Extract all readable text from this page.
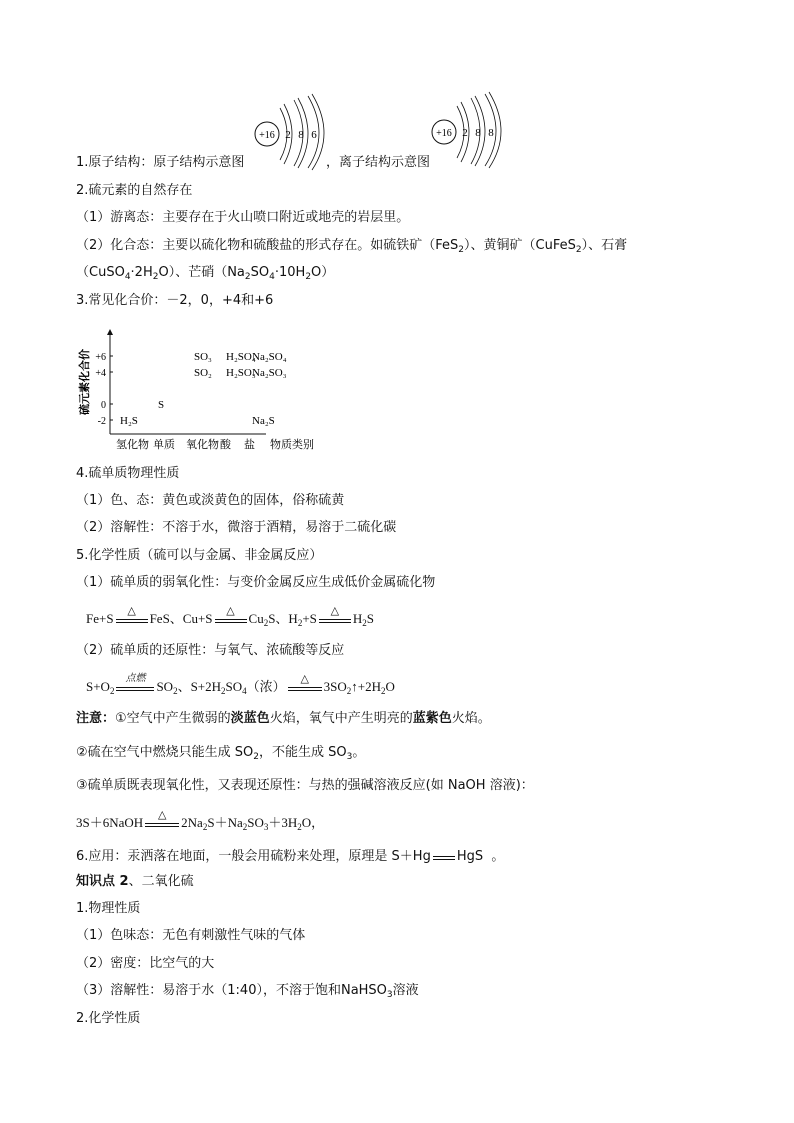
+16 2 8 6	+16 2 8 8
1.原子结构：原子结构示意图	，离子结构示意图
2.硫元素的自然存在
（1）游离态：主要存在于火山喷口附近或地壳的岩层里。
（2）化合态：主要以硫化物和硫酸盐的形式存在。如硫铁矿（FeS$_2$）、黄铜矿（CuFeS$_2$）、石膏
$(CuSO_4\cdot 2H_2O)$、芒硝$(Na_2SO_4\cdot 10H_2O)$
3.常见化合价：－2，0，+4和+6
硫元素化合价 +6
+4
0
-2
氢化物 单质 氧化物 酸 盐 物质类别
SO₃ H₂SO₄
Na₂SO₄
SO₂ H₂SO₃
Na₂SO₃
S
H₂S	Na₂S
4.硫单质物理性质
（1）色、态：黄色或淡黄色的固体，俗称硫黄
（2）溶解性：不溶于水，微溶于酒精，易溶于二硫化碳
5.化学性质（硫可以与金属、非金属反应）
（1）硫单质的弱氧化性：与变价金属反应生成低价金属硫化物
Fe+S	△	FeS、Cu+S	△	$Cu_2S$、$H_2+S$	△	$H_2S$
（2）硫单质的还原性：与氧气、浓硫酸等反应
$S+O_2$
点燃
$SO_2$、$S+2H_2SO_4$（浓）	△	$3SO_2↑+2H_2O$
注意：①空气中产生微弱的淡蓝色火焰，氧气中产生明亮的蓝紫色火焰。
②硫在空气中燃烧只能生成 $SO_2$，不能生成 $SO_3$。
③硫单质既表现氧化性，又表现还原性：与热的强碱溶液反应(如 NaOH 溶液)：
3S＋6NaOH	△	$2Na_2S+Na_2SO_3+3H_2O$，
6.应用：汞洒落在地面，一般会用硫粉来处理，原理是 S＋Hg HgS 。
知识点 2、二氧化硫
1.物理性质
（1）色味态：无色有刺激性气味的气体
（2）密度：比空气的大
（3）溶解性：易溶于水（1:40），不溶于饱和NaHSO$_3$溶液
2.化学性质
